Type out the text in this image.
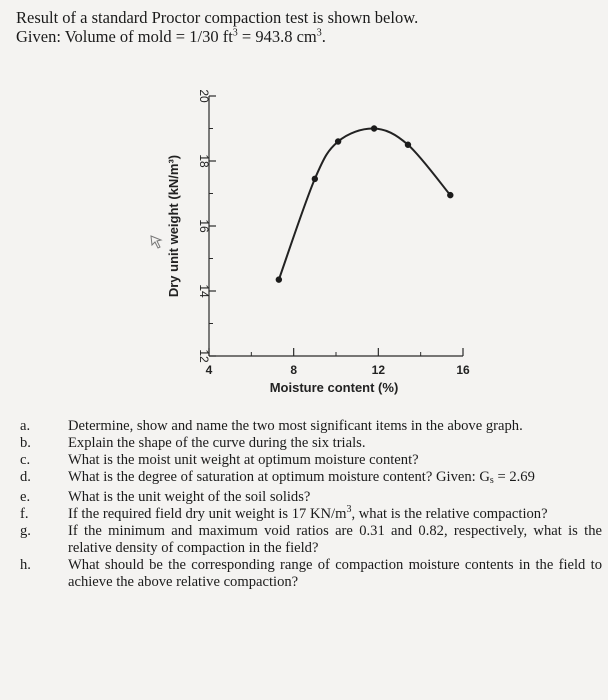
Result of a standard Proctor compaction test is shown below.
Given: Volume of mold = 1/30 $ft^3 = 943.8$ $cm^3$.
20
18
16
14
12
4	8	12	16
Dry unit weight (kN/m³)
Moisture content (%)
a.	Determine, show and name the two most significant items in the above graph.
b.	Explain the shape of the curve during the six trials.
c.	What is the moist unit weight at optimum moisture content?
d.	What is the degree of saturation at optimum moisture content? Given: $G_s = 2.69$
e.	What is the unit weight of the soil solids?
f.	If the required field dry unit weight is 17 $KN/m^3$, what is the relative compaction?
g.	If the minimum and maximum void ratios are 0.31 and 0.82, respectively, what is the relative density of compaction in the field?
h.	What should be the corresponding range of compaction moisture contents in the field to achieve the above relative compaction?
